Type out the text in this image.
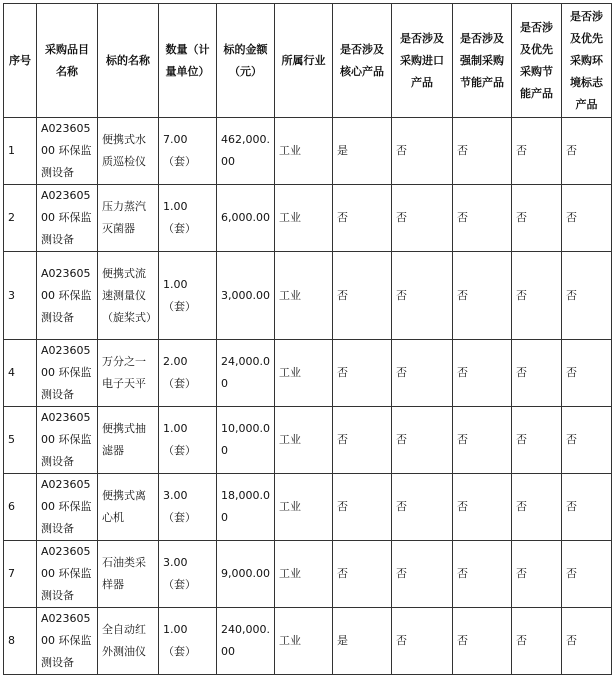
序号	采购品目名称	标的名称	数量（计量单位）	标的金额（元）	所属行业	是否涉及核心产品	是否涉及采购进口产品	是否涉及强制采购节能产品	是否涉及优先采购节能产品	是否涉及优先采购环境标志产品
1	A02360500 环保监测设备	便携式水质巡检仪	7.00（套）	462,000.00	工业	是	否	否	否	否
2	A02360500 环保监测设备	压力蒸汽灭菌器	1.00（套）	6,000.00	工业	否	否	否	否	否
3	A02360500 环保监测设备	便携式流速测量仪（旋桨式）	1.00（套）	3,000.00	工业	否	否	否	否	否
4	A02360500 环保监测设备	万分之一电子天平	2.00（套）	24,000.00	工业	否	否	否	否	否
5	A02360500 环保监测设备	便携式抽滤器	1.00（套）	10,000.00	工业	否	否	否	否	否
6	A02360500 环保监测设备	便携式离心机	3.00（套）	18,000.00	工业	否	否	否	否	否
7	A02360500 环保监测设备	石油类采样器	3.00（套）	9,000.00	工业	否	否	否	否	否
8	A02360500 环保监测设备	全自动红外测油仪	1.00（套）	240,000.00	工业	是	否	否	否	否
